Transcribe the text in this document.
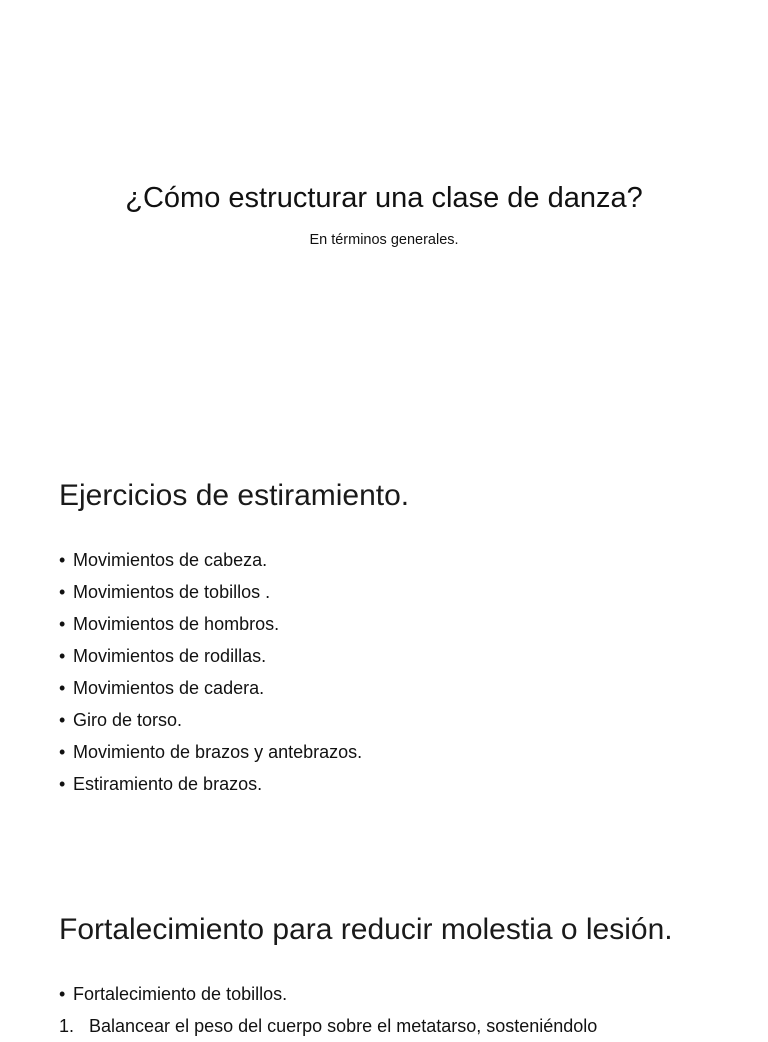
¿Cómo estructurar una clase de danza?

En términos generales.

Ejercicios de estiramiento.
• Movimientos de cabeza.
• Movimientos de tobillos .
• Movimientos de hombros.
• Movimientos de rodillas.
• Movimientos de cadera.
• Giro de torso.
• Movimiento de brazos y antebrazos.
• Estiramiento de brazos.
Fortalecimiento para reducir molestia o lesión.
• Fortalecimiento de tobillos.

1. Balancear el peso del cuerpo sobre el metatarso, sosteniéndolo
